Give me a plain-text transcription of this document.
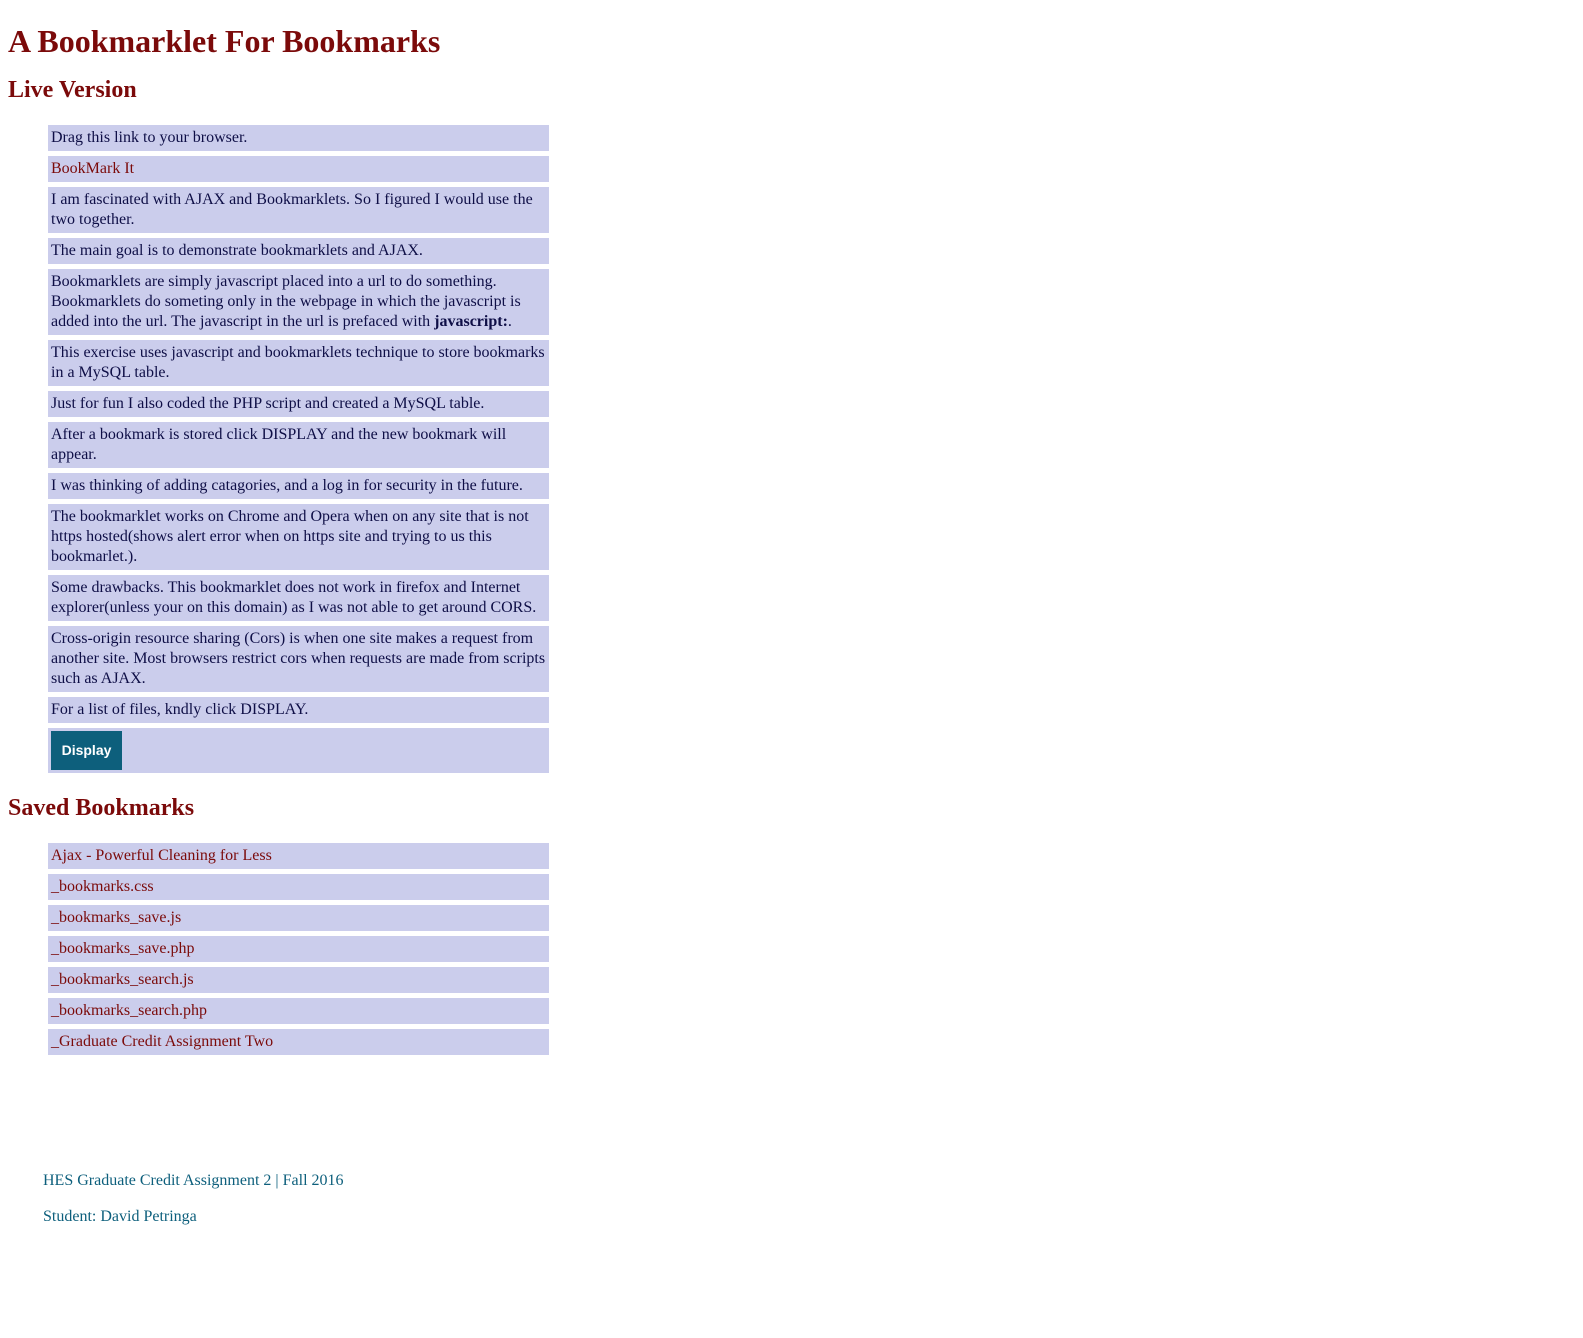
A Bookmarklet For Bookmarks
Live Version
Drag this link to your browser.
BookMark It
I am fascinated with AJAX and Bookmarklets. So I figured I would use the two together.
The main goal is to demonstrate bookmarklets and AJAX.
Bookmarklets are simply javascript placed into a url to do something. Bookmarklets do someting only in the webpage in which the javascript is added into the url. The javascript in the url is prefaced with javascript:.
This exercise uses javascript and bookmarklets technique to store bookmarks in a MySQL table.
Just for fun I also coded the PHP script and created a MySQL table.
After a bookmark is stored click DISPLAY and the new bookmark will appear.
I was thinking of adding catagories, and a log in for security in the future.
The bookmarklet works on Chrome and Opera when on any site that is not https hosted(shows alert error when on https site and trying to us this bookmarlet.).
Some drawbacks. This bookmarklet does not work in firefox and Internet explorer(unless your on this domain) as I was not able to get around CORS.
Cross-origin resource sharing (Cors) is when one site makes a request from another site. Most browsers restrict cors when requests are made from scripts such as AJAX.
For a list of files, kndly click DISPLAY.
Display
Saved Bookmarks
Ajax - Powerful Cleaning for Less
_bookmarks.css
_bookmarks_save.js
_bookmarks_save.php
_bookmarks_search.js
_bookmarks_search.php
_Graduate Credit Assignment Two

HES Graduate Credit Assignment 2 | Fall 2016

Student: David Petringa
